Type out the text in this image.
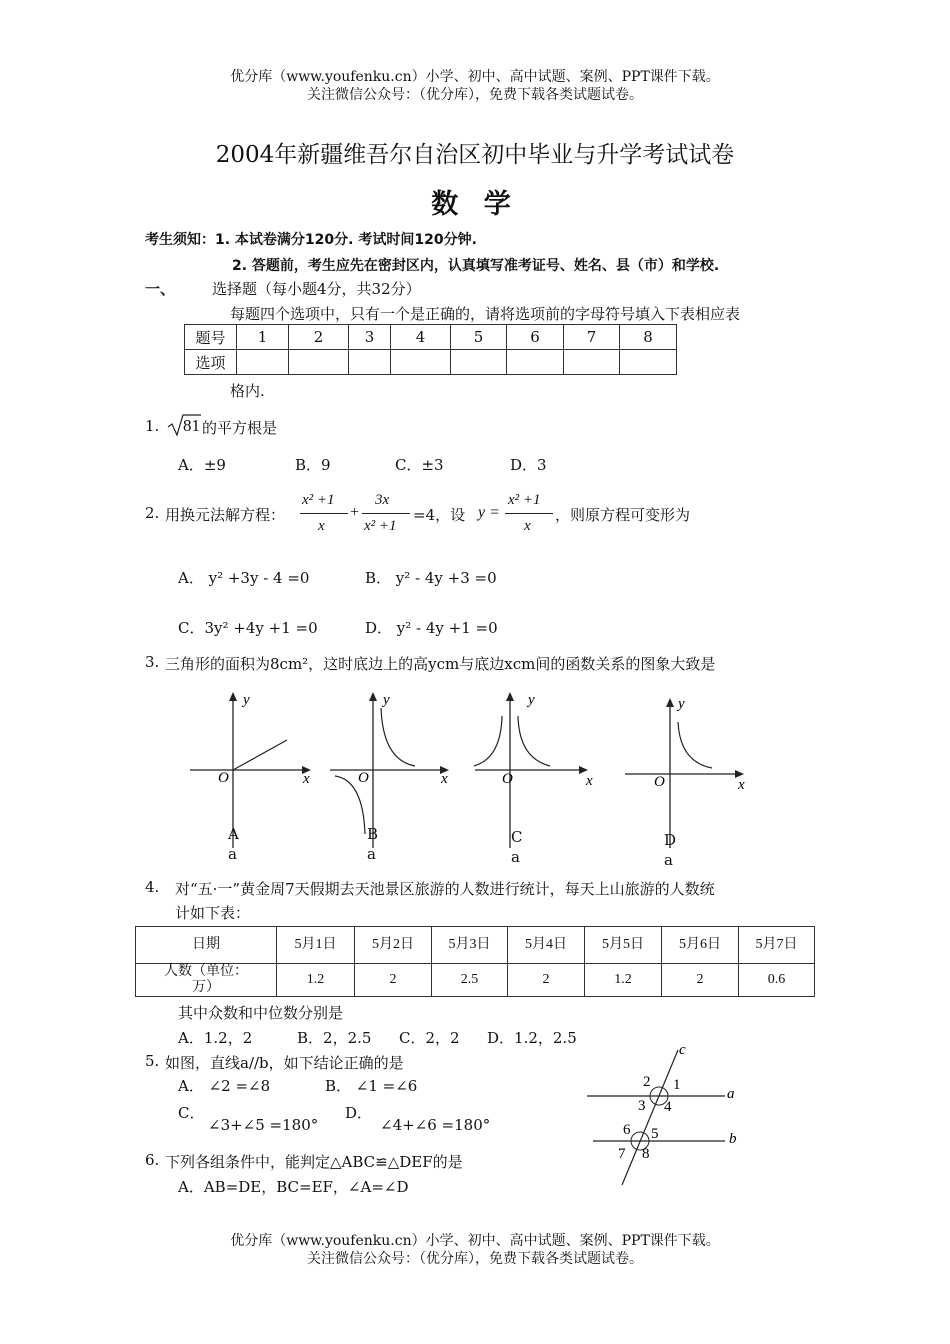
优分库（www.youfenku.cn）小学、初中、高中试题、案例、PPT课件下载。
关注微信公众号：（优分库），免费下载各类试题试卷。
2004年新疆维吾尔自治区初中毕业与升学考试试卷
数 学
考生须知：1. 本试卷满分120分. 考试时间120分钟.
2. 答题前，考生应先在密封区内，认真填写准考证号、姓名、县（市）和学校.
一、 选择题（每小题4分，共32分）
每题四个选项中，只有一个是正确的，请将选项前的字母符号填入下表相应表
题号	1	2	3	4	5	6	7	8
选项								
格内.
1. 81 的平方根是
A．±9	B．9	C．±3	D．3
2. 用换元法解方程：
x² +1
x
+
3x
x² +1
=4，设 y =
x² +1
x
，则原方程可变形为
A． y² +3y - 4 =0	B． y² - 4y +3 =0
C．3y² +4y +1 =0	D． y² - 4y +1 =0
3. 三角形的面积为8cm²，这时底边上的高ycm与底边xcm间的函数关系的图象大致是
y
x
O
A
a
y
x
O
B
a
y
x
O
C
a
y
x
O
D
a
4. 对“五·一”黄金周7天假期去天池景区旅游的人数进行统计，每天上山旅游的人数统
计如下表：
日期	5月1日	5月2日	5月3日	5月4日	5月5日	5月6日	5月7日
人数（单位：万）	1.2	2	2.5	2	1.2	2	0.6
其中众数和中位数分别是
A．1.2，2	B．2，2.5 C．2，2 D．1.2，2.5
5. 如图，直线a//b，如下结论正确的是
A． ∠2 =∠8	B． ∠1 =∠6
C．
∠3+∠5 =180°
D．
∠4+∠6 =180°
c
a
b
1
2
3 4
5
6
7 8
6. 下列各组条件中，能判定△ABC≌△DEF的是
A．AB=DE，BC=EF，∠A=∠D
优分库（www.youfenku.cn）小学、初中、高中试题、案例、PPT课件下载。
关注微信公众号：（优分库），免费下载各类试题试卷。
